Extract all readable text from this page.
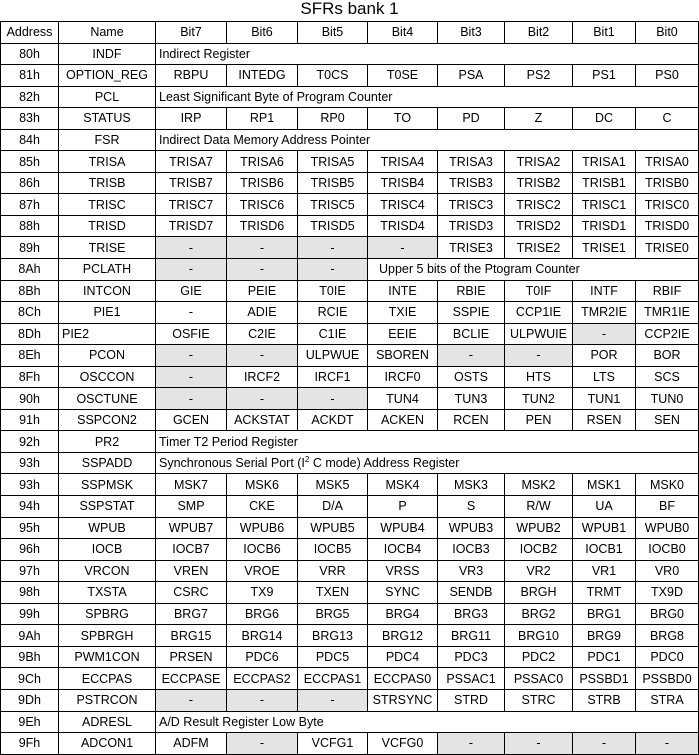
SFRs bank 1
Address	Name	Bit7	Bit6	Bit5	Bit4	Bit3	Bit2	Bit1	Bit0
80h	INDF	Indirect Register							
81h	OPTION_REG	RBPU	INTEDG	T0CS	T0SE	PSA	PS2	PS1	PS0
82h	PCL	Least Significant Byte of Program Counter							
83h	STATUS	IRP	RP1	RP0	TO	PD	Z	DC	C
84h	FSR	Indirect Data Memory Address Pointer							
85h	TRISA	TRISA7	TRISA6	TRISA5	TRISA4	TRISA3	TRISA2	TRISA1	TRISA0
86h	TRISB	TRISB7	TRISB6	TRISB5	TRISB4	TRISB3	TRISB2	TRISB1	TRISB0
87h	TRISC	TRISC7	TRISC6	TRISC5	TRISC4	TRISC3	TRISC2	TRISC1	TRISC0
88h	TRISD	TRISD7	TRISD6	TRISD5	TRISD4	TRISD3	TRISD2	TRISD1	TRISD0
89h	TRISE	-	-	-	-	TRISE3	TRISE2	TRISE1	TRISE0
8Ah	PCLATH	-	-	-	Upper 5 bits of the Ptogram Counter				
8Bh	INTCON	GIE	PEIE	T0IE	INTE	RBIE	T0IF	INTF	RBIF
8Ch	PIE1	-	ADIE	RCIE	TXIE	SSPIE	CCP1IE	TMR2IE	TMR1IE
8Dh	PIE2	OSFIE	C2IE	C1IE	EEIE	BCLIE	ULPWUIE	-	CCP2IE
8Eh	PCON	-	-	ULPWUE	SBOREN	-	-	POR	BOR
8Fh	OSCCON	-	IRCF2	IRCF1	IRCF0	OSTS	HTS	LTS	SCS
90h	OSCTUNE	-	-	-	TUN4	TUN3	TUN2	TUN1	TUN0
91h	SSPCON2	GCEN	ACKSTAT	ACKDT	ACKEN	RCEN	PEN	RSEN	SEN
92h	PR2	Timer T2 Period Register							
93h	SSPADD	Synchronous Serial Port ($I^2$ C mode) Address Register							
93h	SSPMSK	MSK7	MSK6	MSK5	MSK4	MSK3	MSK2	MSK1	MSK0
94h	SSPSTAT	SMP	CKE	D/A	P	S	R/W	UA	BF
95h	WPUB	WPUB7	WPUB6	WPUB5	WPUB4	WPUB3	WPUB2	WPUB1	WPUB0
96h	IOCB	IOCB7	IOCB6	IOCB5	IOCB4	IOCB3	IOCB2	IOCB1	IOCB0
97h	VRCON	VREN	VROE	VRR	VRSS	VR3	VR2	VR1	VR0
98h	TXSTA	CSRC	TX9	TXEN	SYNC	SENDB	BRGH	TRMT	TX9D
99h	SPBRG	BRG7	BRG6	BRG5	BRG4	BRG3	BRG2	BRG1	BRG0
9Ah	SPBRGH	BRG15	BRG14	BRG13	BRG12	BRG11	BRG10	BRG9	BRG8
9Bh	PWM1CON	PRSEN	PDC6	PDC5	PDC4	PDC3	PDC2	PDC1	PDC0
9Ch	ECCPAS	ECCPASE	ECCPAS2	ECCPAS1	ECCPAS0	PSSAC1	PSSAC0	PSSBD1	PSSBD0
9Dh	PSTRCON	-	-	-	STRSYNC	STRD	STRC	STRB	STRA
9Eh	ADRESL	A/D Result Register Low Byte							
9Fh	ADCON1	ADFM	-	VCFG1	VCFG0	-	-	-	-
